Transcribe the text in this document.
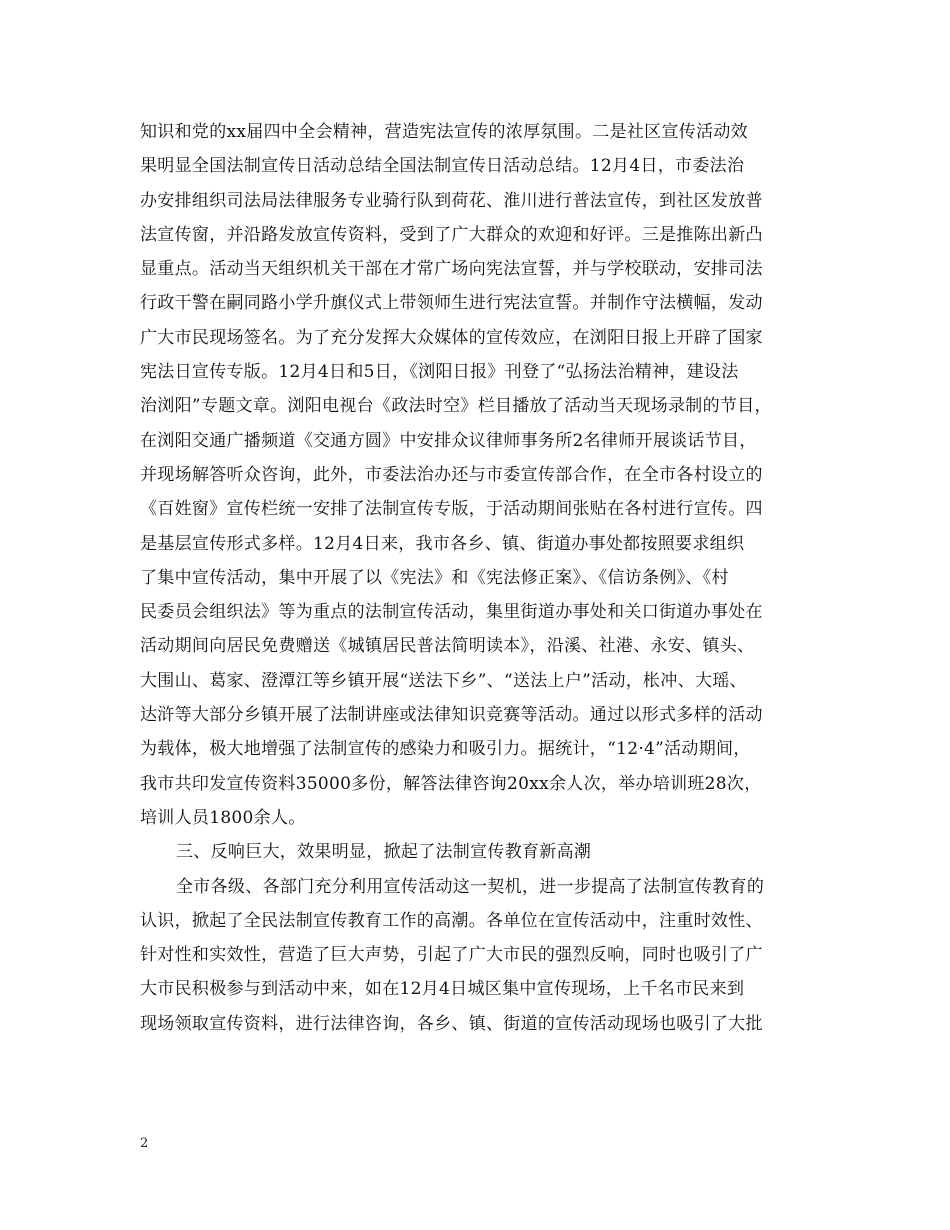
知识和党的xx届四中全会精神，营造宪法宣传的浓厚氛围。二是社区宣传活动效
果明显全国法制宣传日活动总结全国法制宣传日活动总结。12月4日，市委法治
办安排组织司法局法律服务专业骑行队到荷花、淮川进行普法宣传，到社区发放普
法宣传窗，并沿路发放宣传资料，受到了广大群众的欢迎和好评。三是推陈出新凸
显重点。活动当天组织机关干部在才常广场向宪法宣誓，并与学校联动，安排司法
行政干警在嗣同路小学升旗仪式上带领师生进行宪法宣誓。并制作守法横幅，发动
广大市民现场签名。为了充分发挥大众媒体的宣传效应，在浏阳日报上开辟了国家
宪法日宣传专版。12月4日和5日，《浏阳日报》刊登了“弘扬法治精神，建设法
治浏阳”专题文章。浏阳电视台《政法时空》栏目播放了活动当天现场录制的节目，
在浏阳交通广播频道《交通方圆》中安排众议律师事务所2名律师开展谈话节目，
并现场解答听众咨询，此外，市委法治办还与市委宣传部合作，在全市各村设立的
《百姓窗》宣传栏统一安排了法制宣传专版，于活动期间张贴在各村进行宣传。四
是基层宣传形式多样。12月4日来，我市各乡、镇、街道办事处都按照要求组织
了集中宣传活动，集中开展了以《宪法》和《宪法修正案》、《信访条例》、《村
民委员会组织法》等为重点的法制宣传活动，集里街道办事处和关口街道办事处在
活动期间向居民免费赠送《城镇居民普法简明读本》，沿溪、社港、永安、镇头、
大围山、葛家、澄潭江等乡镇开展“送法下乡”、“送法上户”活动，枨冲、大瑶、
达浒等大部分乡镇开展了法制讲座或法律知识竞赛等活动。通过以形式多样的活动
为载体，极大地增强了法制宣传的感染力和吸引力。据统计，“12·4”活动期间，
我市共印发宣传资料35000多份，解答法律咨询20xx余人次，举办培训班28次，
培训人员1800余人。
三、反响巨大，效果明显，掀起了法制宣传教育新高潮
全市各级、各部门充分利用宣传活动这一契机，进一步提高了法制宣传教育的
认识，掀起了全民法制宣传教育工作的高潮。各单位在宣传活动中，注重时效性、
针对性和实效性，营造了巨大声势，引起了广大市民的强烈反响，同时也吸引了广
大市民积极参与到活动中来，如在12月4日城区集中宣传现场，上千名市民来到
现场领取宣传资料，进行法律咨询，各乡、镇、街道的宣传活动现场也吸引了大批
2
